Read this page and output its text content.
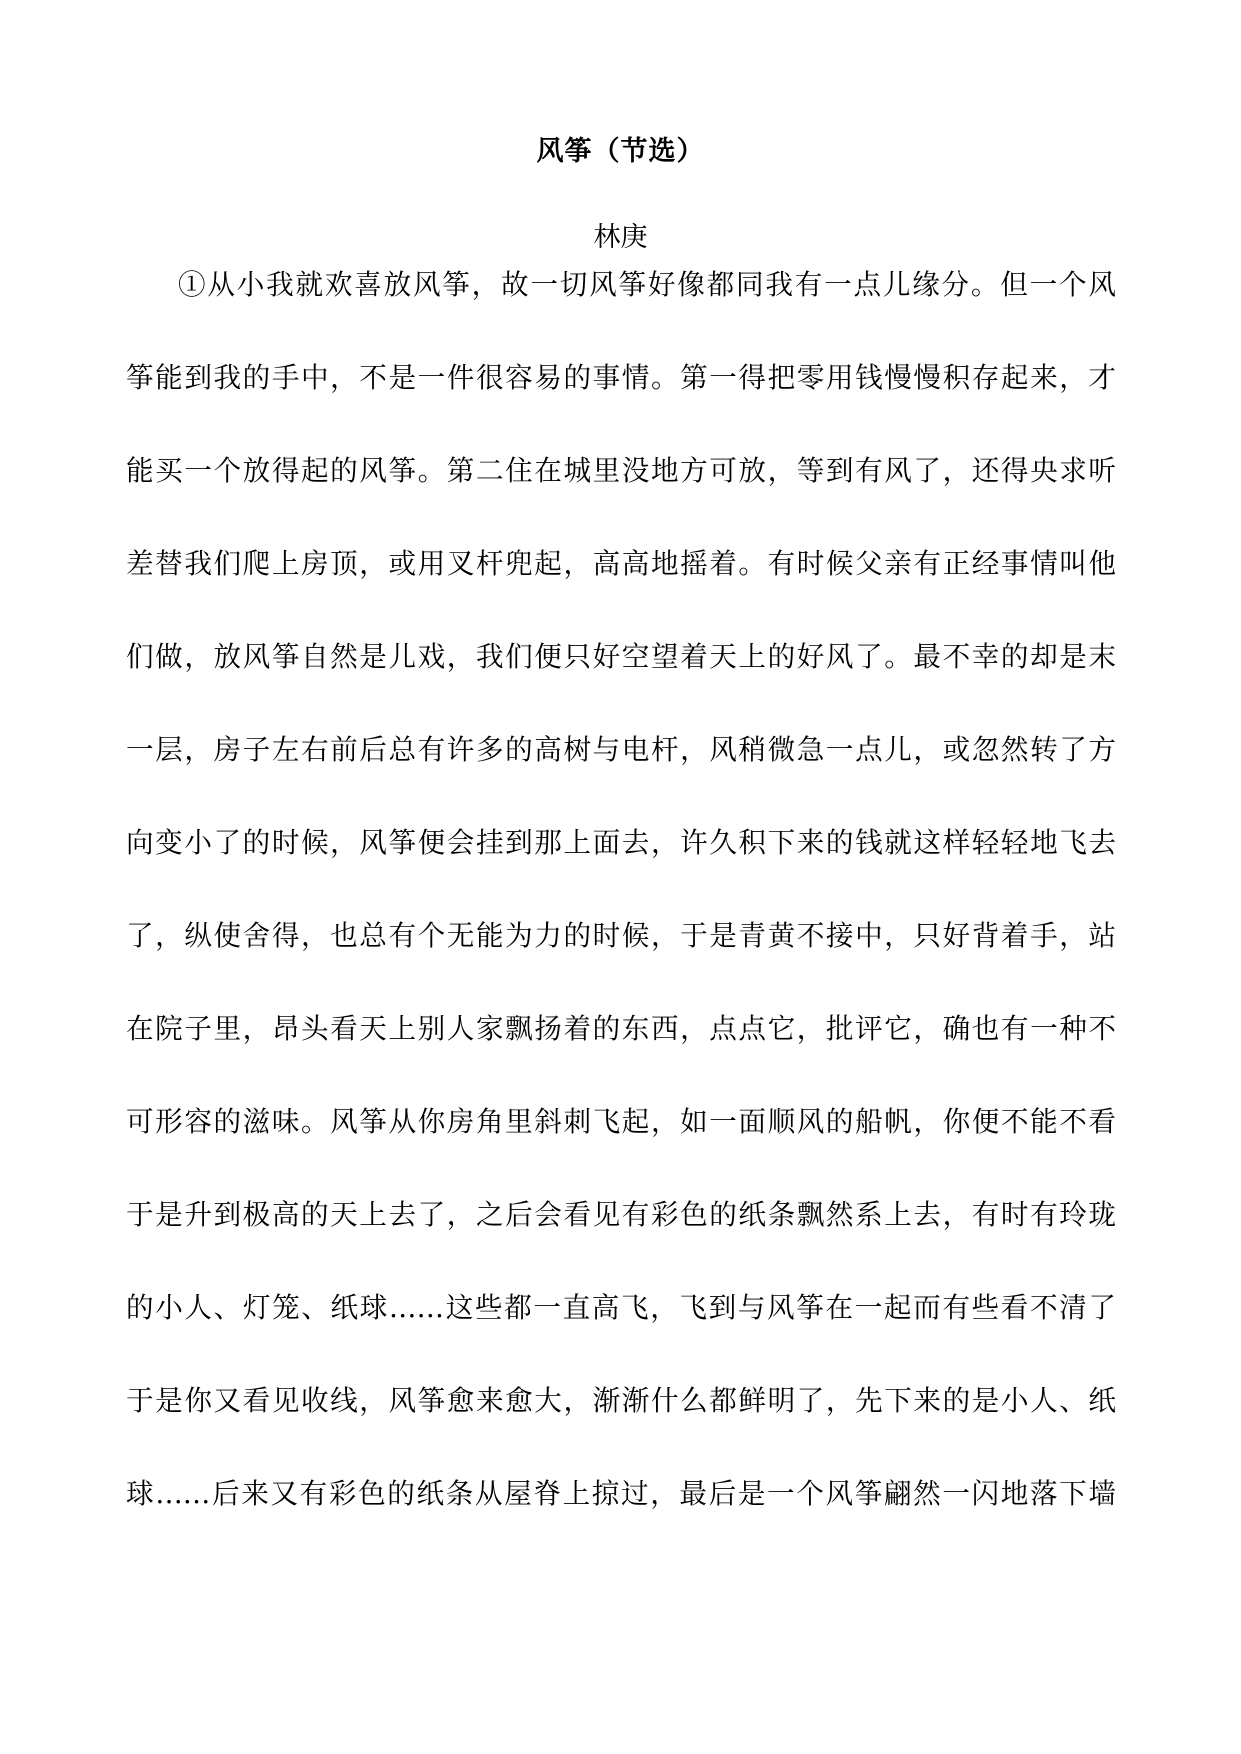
风筝（节选）
林庚
①从小我就欢喜放风筝，故一切风筝好像都同我有一点儿缘分。但一个风
筝能到我的手中，不是一件很容易的事情。第一得把零用钱慢慢积存起来，才
能买一个放得起的风筝。第二住在城里没地方可放，等到有风了，还得央求听
差替我们爬上房顶，或用叉杆兜起，高高地摇着。有时候父亲有正经事情叫他
们做，放风筝自然是儿戏，我们便只好空望着天上的好风了。最不幸的却是末
一层，房子左右前后总有许多的高树与电杆，风稍微急一点儿，或忽然转了方
向变小了的时候，风筝便会挂到那上面去，许久积下来的钱就这样轻轻地飞去
了，纵使舍得，也总有个无能为力的时候，于是青黄不接中，只好背着手，站
在院子里，昂头看天上别人家飘扬着的东西，点点它，批评它，确也有一种不
可形容的滋味。风筝从你房角里斜刺飞起，如一面顺风的船帆，你便不能不看
于是升到极高的天上去了，之后会看见有彩色的纸条飘然系上去，有时有玲珑
的小人、灯笼、纸球……这些都一直高飞，飞到与风筝在一起而有些看不清了
于是你又看见收线，风筝愈来愈大，渐渐什么都鲜明了，先下来的是小人、纸
球……后来又有彩色的纸条从屋脊上掠过，最后是一个风筝翩然一闪地落下墙
